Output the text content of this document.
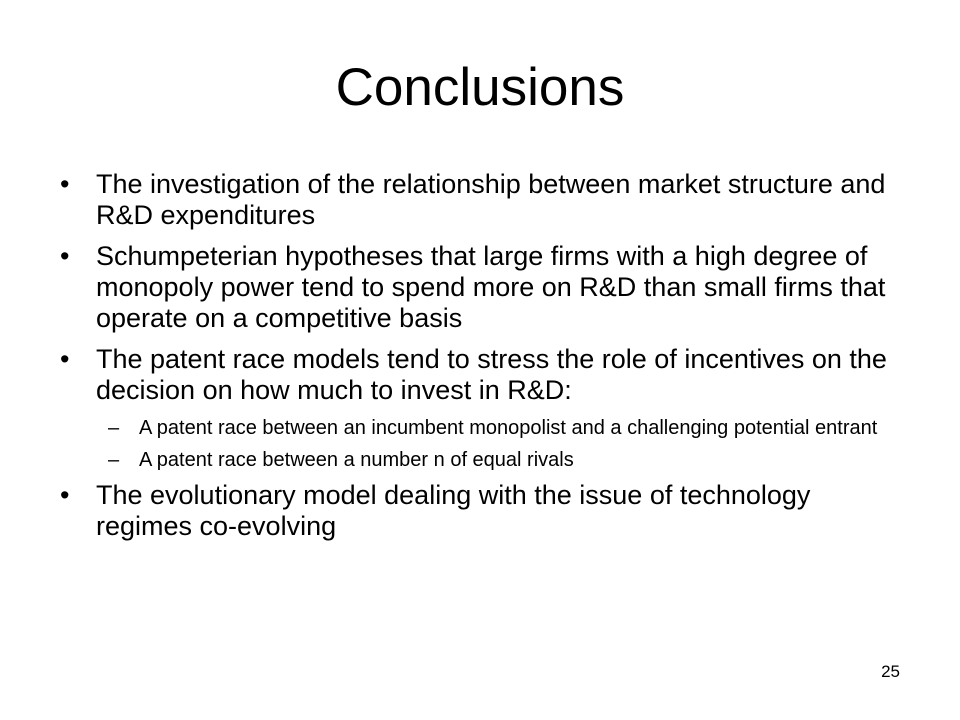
Conclusions
• The investigation of the relationship between market structure and R&D expenditures
• Schumpeterian hypotheses that large firms with a high degree of monopoly power tend to spend more on R&D than small firms that operate on a competitive basis
• The patent race models tend to stress the role of incentives on the decision on how much to invest in R&D:
– A patent race between an incumbent monopolist and a challenging potential entrant
– A patent race between a number n of equal rivals
• The evolutionary model dealing with the issue of technology regimes co-evolving
25
